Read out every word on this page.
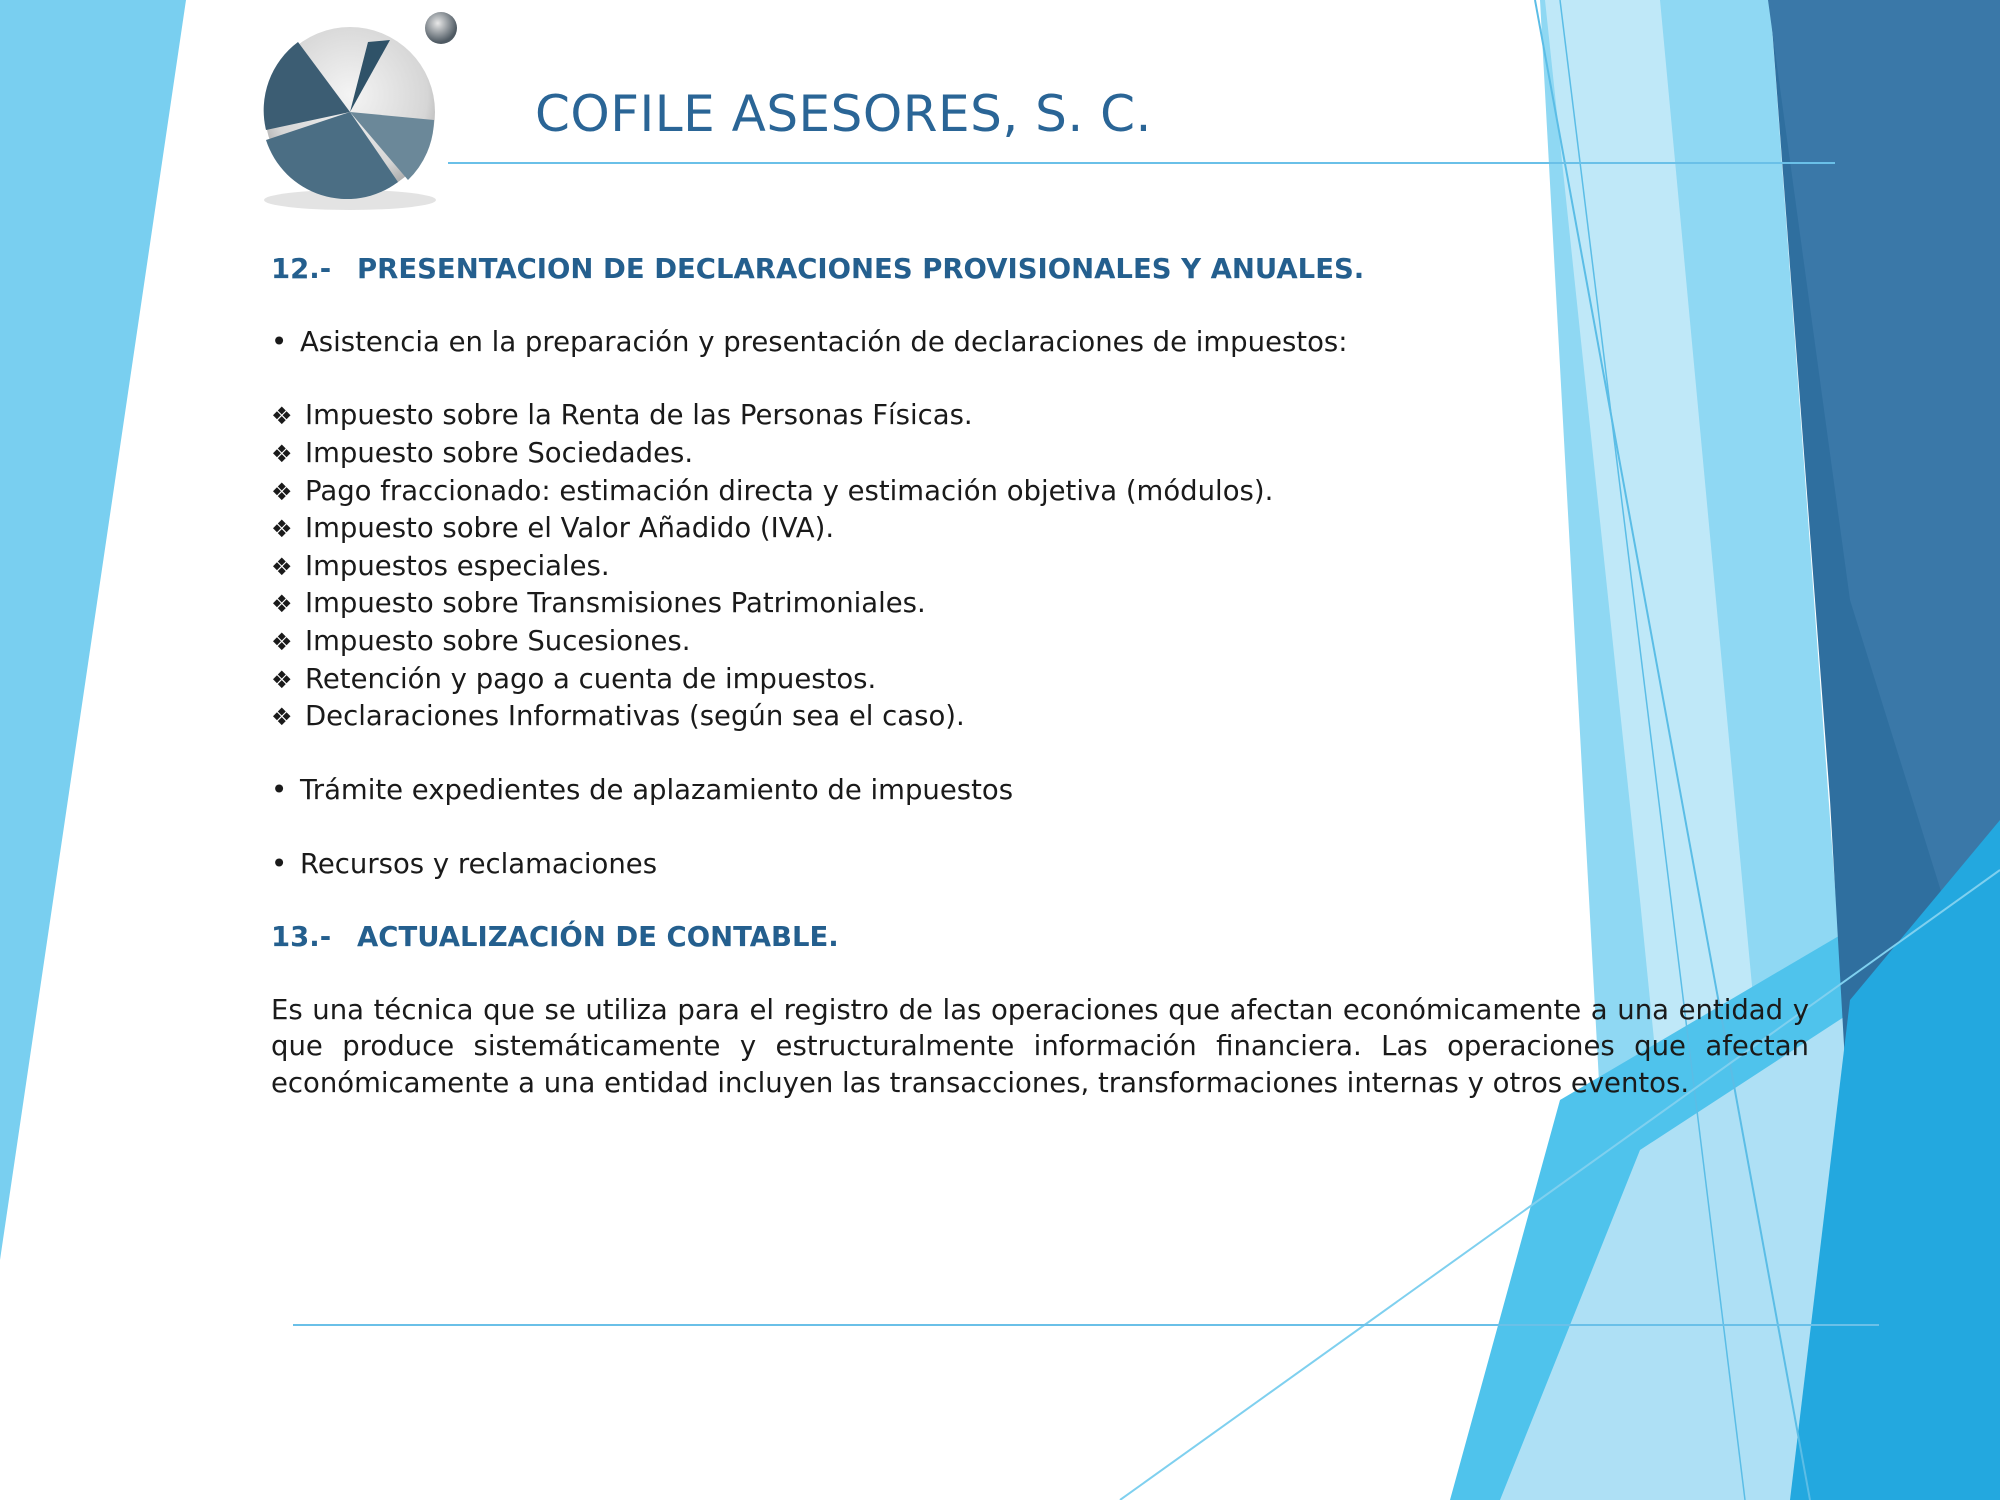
COFILE ASESORES, S. C.
12.- PRESENTACION DE DECLARACIONES PROVISIONALES Y ANUALES.
• Asistencia en la preparación y presentación de declaraciones de impuestos:
❖ Impuesto sobre la Renta de las Personas Físicas.
❖ Impuesto sobre Sociedades.
❖ Pago fraccionado: estimación directa y estimación objetiva (módulos).
❖ Impuesto sobre el Valor Añadido (IVA).
❖ Impuestos especiales.
❖ Impuesto sobre Transmisiones Patrimoniales.
❖ Impuesto sobre Sucesiones.
❖ Retención y pago a cuenta de impuestos.
❖ Declaraciones Informativas (según sea el caso).
• Trámite expedientes de aplazamiento de impuestos
• Recursos y reclamaciones
13.- ACTUALIZACIÓN DE CONTABLE.
Es una técnica que se utiliza para el registro de las operaciones que afectan económicamente a una entidad y que produce sistemáticamente y estructuralmente información financiera. Las operaciones que afectan económicamente a una entidad incluyen las transacciones, transformaciones internas y otros eventos.
